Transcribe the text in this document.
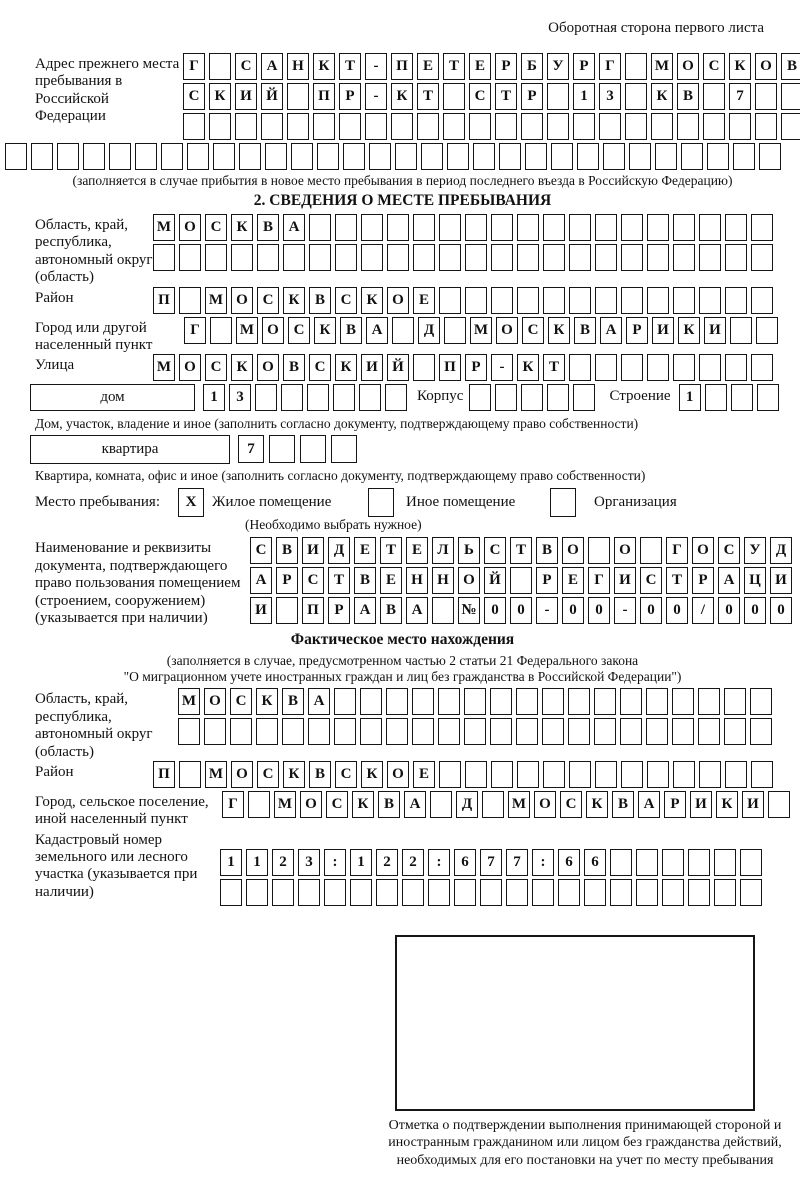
Оборотная сторона первого листа
Адрес прежнего места пребывания в Российской Федерации
Г	С	А Н К	Т	-	П	Е	Т	Е	Р	Б	У	Р	Г	М О С	К О	В
С	К И Й	П	Р	-	К	Т	С	Т	Р	1	3	К	В	7
(заполняется в случае прибытия в новое место пребывания в период последнего въезда в Российскую Федерацию)
2. СВЕДЕНИЯ О МЕСТЕ ПРЕБЫВАНИЯ
Область, край, республика, автономный округ (область)
М О С	К	В	А
Район	П	М О С	К	В	С	К О	Е
Город или другой населенный пункт
Г	М О С	К	В	А	Д	М О С	К	В	А	Р	И К И
Улица	М О С	К О	В	С	К И Й	П	Р	-	К	Т
дом	1	3	Корпус	Строение	1
Дом, участок, владение и иное (заполнить согласно документу, подтверждающему право собственности)
квартира	7
Квартира, комната, офис и иное (заполнить согласно документу, подтверждающему право собственности)
Место пребывания:	X	Жилое помещение	Иное помещение	Организация
(Необходимо выбрать нужное)
Наименование и реквизиты документа, подтверждающего право пользования помещением (строением, сооружением) (указывается при наличии)
С	В	И	Д	Е	Т	Е	Л	Ь	С	Т	В	О	О	Г	О С	У	Д
А	Р	С	Т	В	Е	Н Н О Й	Р	Е	Г	И С	Т	Р	А Ц И
И	П	Р	А	В	А	№ 0	0	-	0	0	-	0	0	/	0	0	0
Фактическое место нахождения
(заполняется в случае, предусмотренном частью 2 статьи 21 Федерального закона
"О миграционном учете иностранных граждан и лиц без гражданства в Российской Федерации")
Область, край, республика, автономный округ (область)
М О С	К	В	А
Район	П	М О С	К	В	С	К О	Е
Город, сельское поселение, иной населенный пункт
Г	М О С	К	В	А	Д	М О С	К	В	А	Р	И К И
Кадастровый номер земельного или лесного участка (указывается при наличии)
1	1	2	3	:	1	2	2	:	6	7	7	:	6	6
Отметка о подтверждении выполнения принимающей стороной и иностранным гражданином или лицом без гражданства действий, необходимых для его постановки на учет по месту пребывания
